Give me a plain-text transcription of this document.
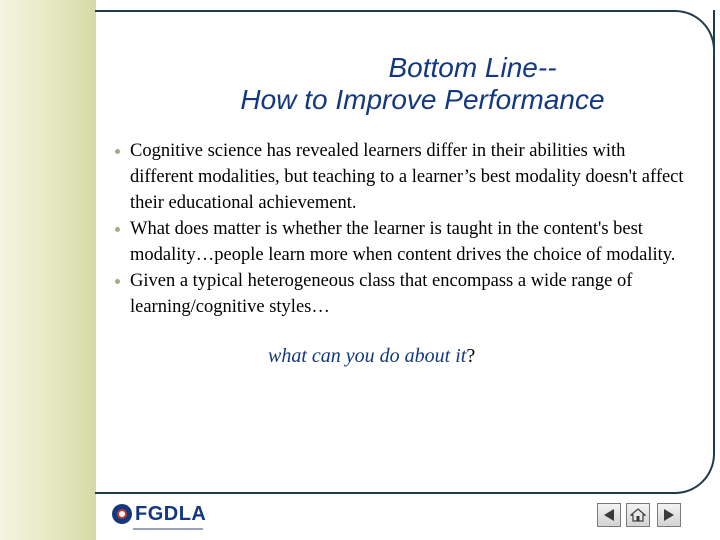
Bottom Line--
How to Improve Performance
Cognitive science has revealed learners differ in their abilities with different modalities, but teaching to a learner’s best modality doesn't affect their educational achievement.
What does matter is whether the learner is taught in the content's best modality…people learn more when content drives the choice of modality.
Given a typical heterogeneous class that encompass a wide range of learning/cognitive styles…
what can you do about it?
FGDLA
